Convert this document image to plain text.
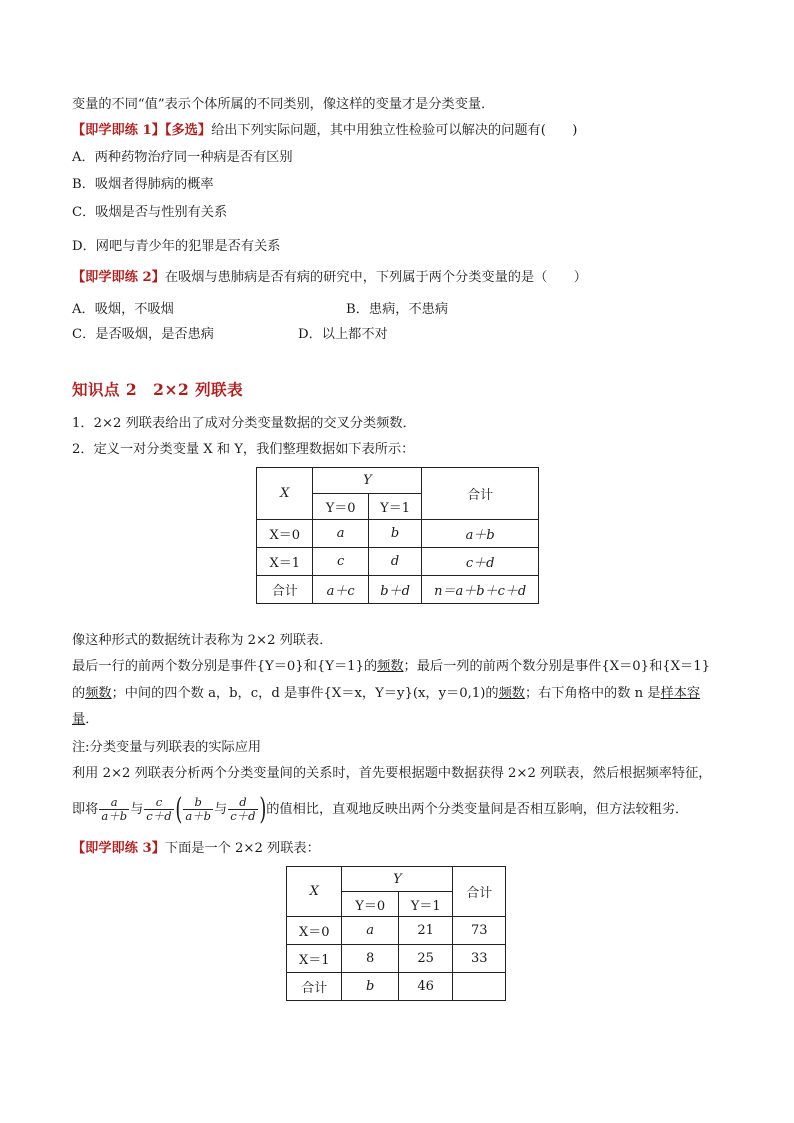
变量的不同“值”表示个体所属的不同类别，像这样的变量才是分类变量．
【即学即练 1】【多选】给出下列实际问题，其中用独立性检验可以解决的问题有(　　)
A．两种药物治疗同一种病是否有区别
B．吸烟者得肺病的概率
C．吸烟是否与性别有关系
D．网吧与青少年的犯罪是否有关系
【即学即练 2】在吸烟与患肺病是否有病的研究中，下列属于两个分类变量的是（　　）
A．吸烟，不吸烟	B．患病，不患病
C．是否吸烟，是否患病	D．以上都不对
知识点 2　2×2 列联表
1．2×2 列联表给出了成对分类变量数据的交叉分类频数．
2．定义一对分类变量 X 和 Y，我们整理数据如下表所示：
X	Y		合计
	Y＝0	Y＝1	
X＝0	a	b	a＋b
X＝1	c	d	c＋d
合计	a＋c	b＋d	n＝a＋b＋c＋d
像这种形式的数据统计表称为 2×2 列联表．
最后一行的前两个数分别是事件{Y＝0}和{Y＝1}的频数；最后一列的前两个数分别是事件{X＝0}和{X＝1}
的频数；中间的四个数 a，b，c，d 是事件{X＝x，Y＝y}(x，y＝0,1)的频数；右下角格中的数 n 是样本容
量．
注:分类变量与列联表的实际应用
利用 2×2 列联表分析两个分类变量间的关系时，首先要根据题中数据获得 2×2 列联表，然后根据频率特征，
即将 $\frac{a}{a+b}$ 与 $\frac{c}{c+d}$ ( $\frac{b}{a+b}$ 与 $\frac{d}{c+d}$ )的值相比，直观地反映出两个分类变量间是否相互影响，但方法较粗劣．
【即学即练 3】下面是一个 2×2 列联表：
X	Y		合计
	Y＝0	Y＝1	
X＝0	a	21	73
X＝1	8	25	33
合计	b	46	
